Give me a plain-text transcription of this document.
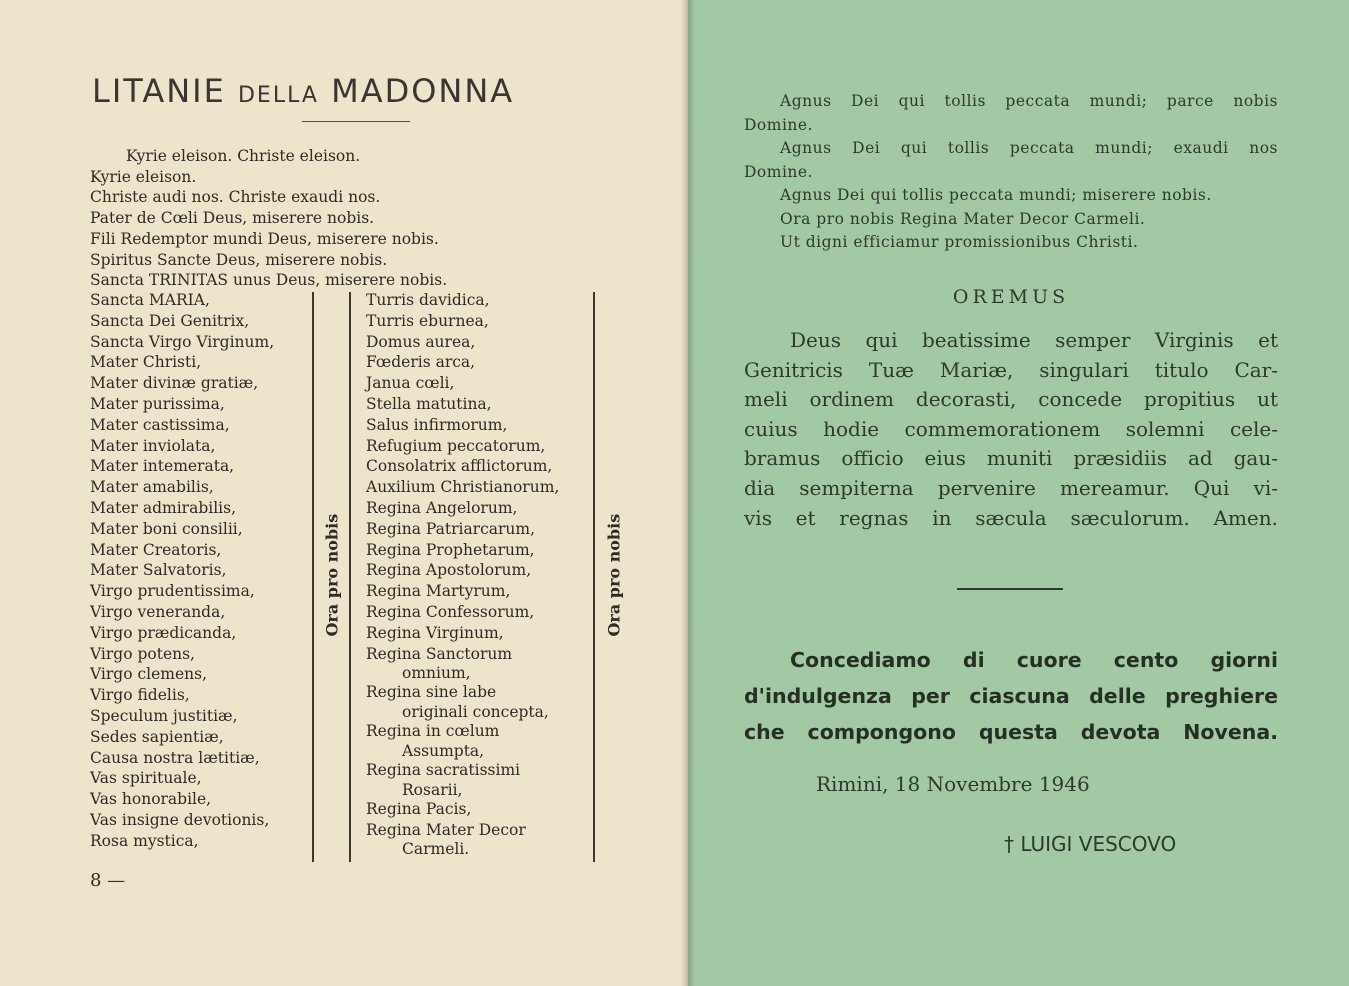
LITANIE DELLA MADONNA
Kyrie eleison. Christe eleison.
Kyrie eleison.
Christe audi nos. Christe exaudi nos.
Pater de Cœli Deus, miserere nobis.
Fili Redemptor mundi Deus, miserere nobis.
Spiritus Sancte Deus, miserere nobis.
Sancta TRINITAS unus Deus, miserere nobis.
Sancta MARIA,
Sancta Dei Genitrix,
Sancta Virgo Virginum,
Mater Christi,
Mater divinæ gratiæ,
Mater purissima,
Mater castissima,
Mater inviolata,
Mater intemerata,
Mater amabilis,
Mater admirabilis,
Mater boni consilii,
Mater Creatoris,
Mater Salvatoris,
Virgo prudentissima,
Virgo veneranda,
Virgo prædicanda,
Virgo potens,
Virgo clemens,
Virgo fidelis,
Speculum justitiæ,
Sedes sapientiæ,
Causa nostra lætitiæ,
Vas spirituale,
Vas honorabile,
Vas insigne devotionis,
Rosa mystica,
Ora pro nobis
Turris davidica,
Turris eburnea,
Domus aurea,
Fœderis arca,
Janua cœli,
Stella matutina,
Salus infirmorum,
Refugium peccatorum,
Consolatrix afflictorum,
Auxilium Christianorum,
Regina Angelorum,
Regina Patriarcarum,
Regina Prophetarum,
Regina Apostolorum,
Regina Martyrum,
Regina Confessorum,
Regina Virginum,
Regina Sanctorum
omnium,
Regina sine labe
originali concepta,
Regina in cœlum
Assumpta,
Regina sacratissimi
Rosarii,
Regina Pacis,
Regina Mater Decor
Carmeli.
Ora pro nobis
8 —
Agnus Dei qui tollis peccata mundi; parce nobis
Domine.
Agnus Dei qui tollis peccata mundi; exaudi nos
Domine.
Agnus Dei qui tollis peccata mundi; miserere nobis.
Ora pro nobis Regina Mater Decor Carmeli.
Ut digni efficiamur promissionibus Christi.
OREMUS
Deus qui beatissime semper Virginis et
Genitricis Tuæ Mariæ, singulari titulo Car-
meli ordinem decorasti, concede propitius ut
cuius hodie commemorationem solemni cele-
bramus officio eius muniti præsidiis ad gau-
dia sempiterna pervenire mereamur. Qui vi-
vis et regnas in sæcula sæculorum. Amen.
Concediamo di cuore cento giorni
d'indulgenza per ciascuna delle preghiere
che compongono questa devota Novena.
Rimini, 18 Novembre 1946
† LUIGI VESCOVO
